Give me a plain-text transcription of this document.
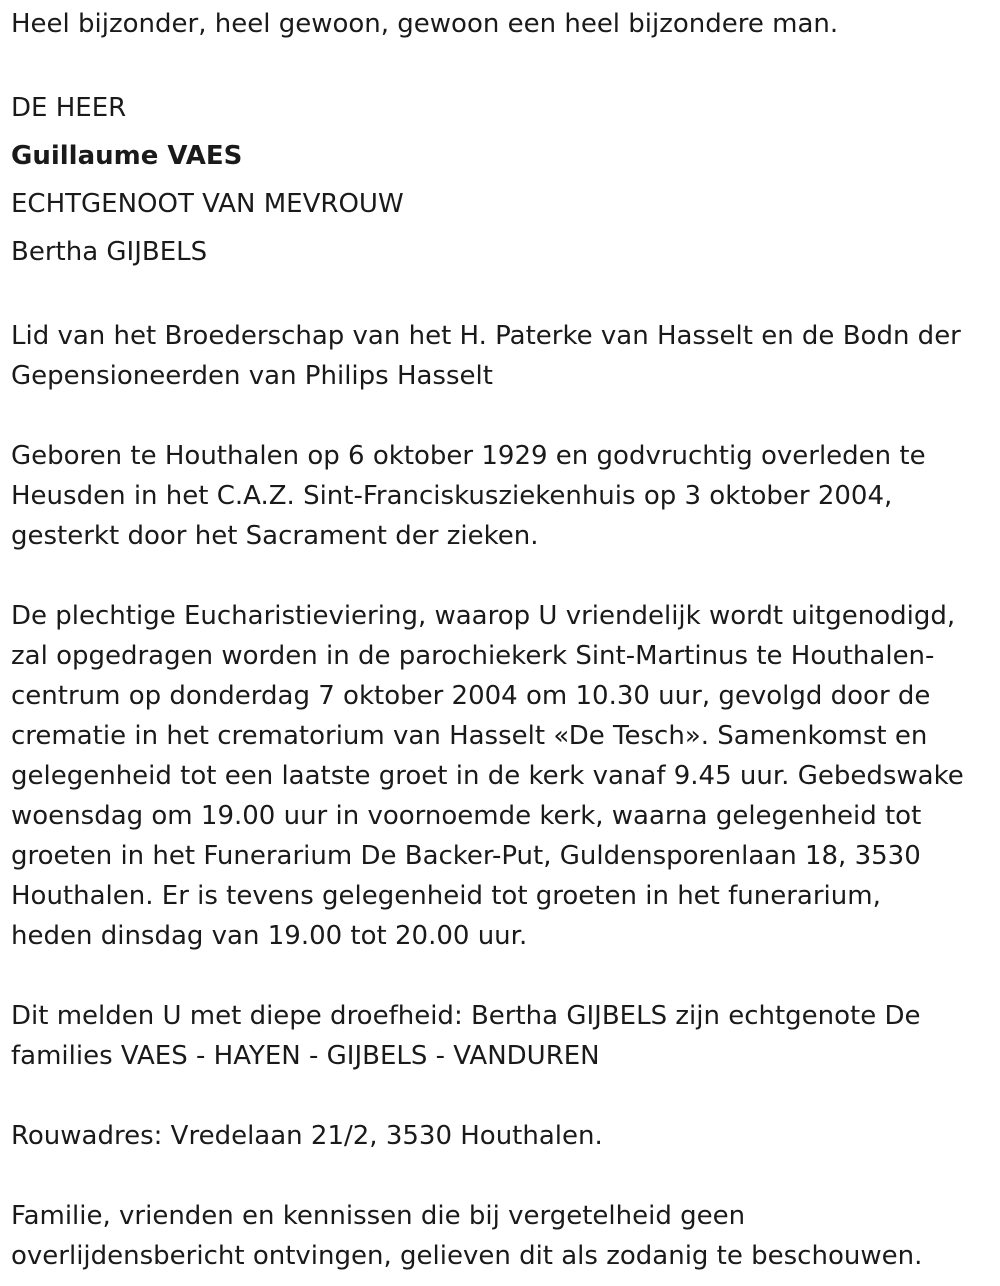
Heel bijzonder, heel gewoon, gewoon een heel bijzondere man.

DE HEER

Guillaume VAES

ECHTGENOOT VAN MEVROUW

Bertha GIJBELS

Lid van het Broederschap van het H. Paterke van Hasselt en de Bodn der
Gepensioneerden van Philips Hasselt

Geboren te Houthalen op 6 oktober 1929 en godvruchtig overleden te
Heusden in het C.A.Z. Sint-Franciskusziekenhuis op 3 oktober 2004,
gesterkt door het Sacrament der zieken.

De plechtige Eucharistieviering, waarop U vriendelijk wordt uitgenodigd,
zal opgedragen worden in de parochiekerk Sint-Martinus te Houthalen-
centrum op donderdag 7 oktober 2004 om 10.30 uur, gevolgd door de
crematie in het crematorium van Hasselt «De Tesch». Samenkomst en
gelegenheid tot een laatste groet in de kerk vanaf 9.45 uur. Gebedswake
woensdag om 19.00 uur in voornoemde kerk, waarna gelegenheid tot
groeten in het Funerarium De Backer-Put, Guldensporenlaan 18, 3530
Houthalen. Er is tevens gelegenheid tot groeten in het funerarium,
heden dinsdag van 19.00 tot 20.00 uur.

Dit melden U met diepe droefheid: Bertha GIJBELS zijn echtgenote De
families VAES - HAYEN - GIJBELS - VANDUREN

Rouwadres: Vredelaan 21/2, 3530 Houthalen.

Familie, vrienden en kennissen die bij vergetelheid geen
overlijdensbericht ontvingen, gelieven dit als zodanig te beschouwen.
